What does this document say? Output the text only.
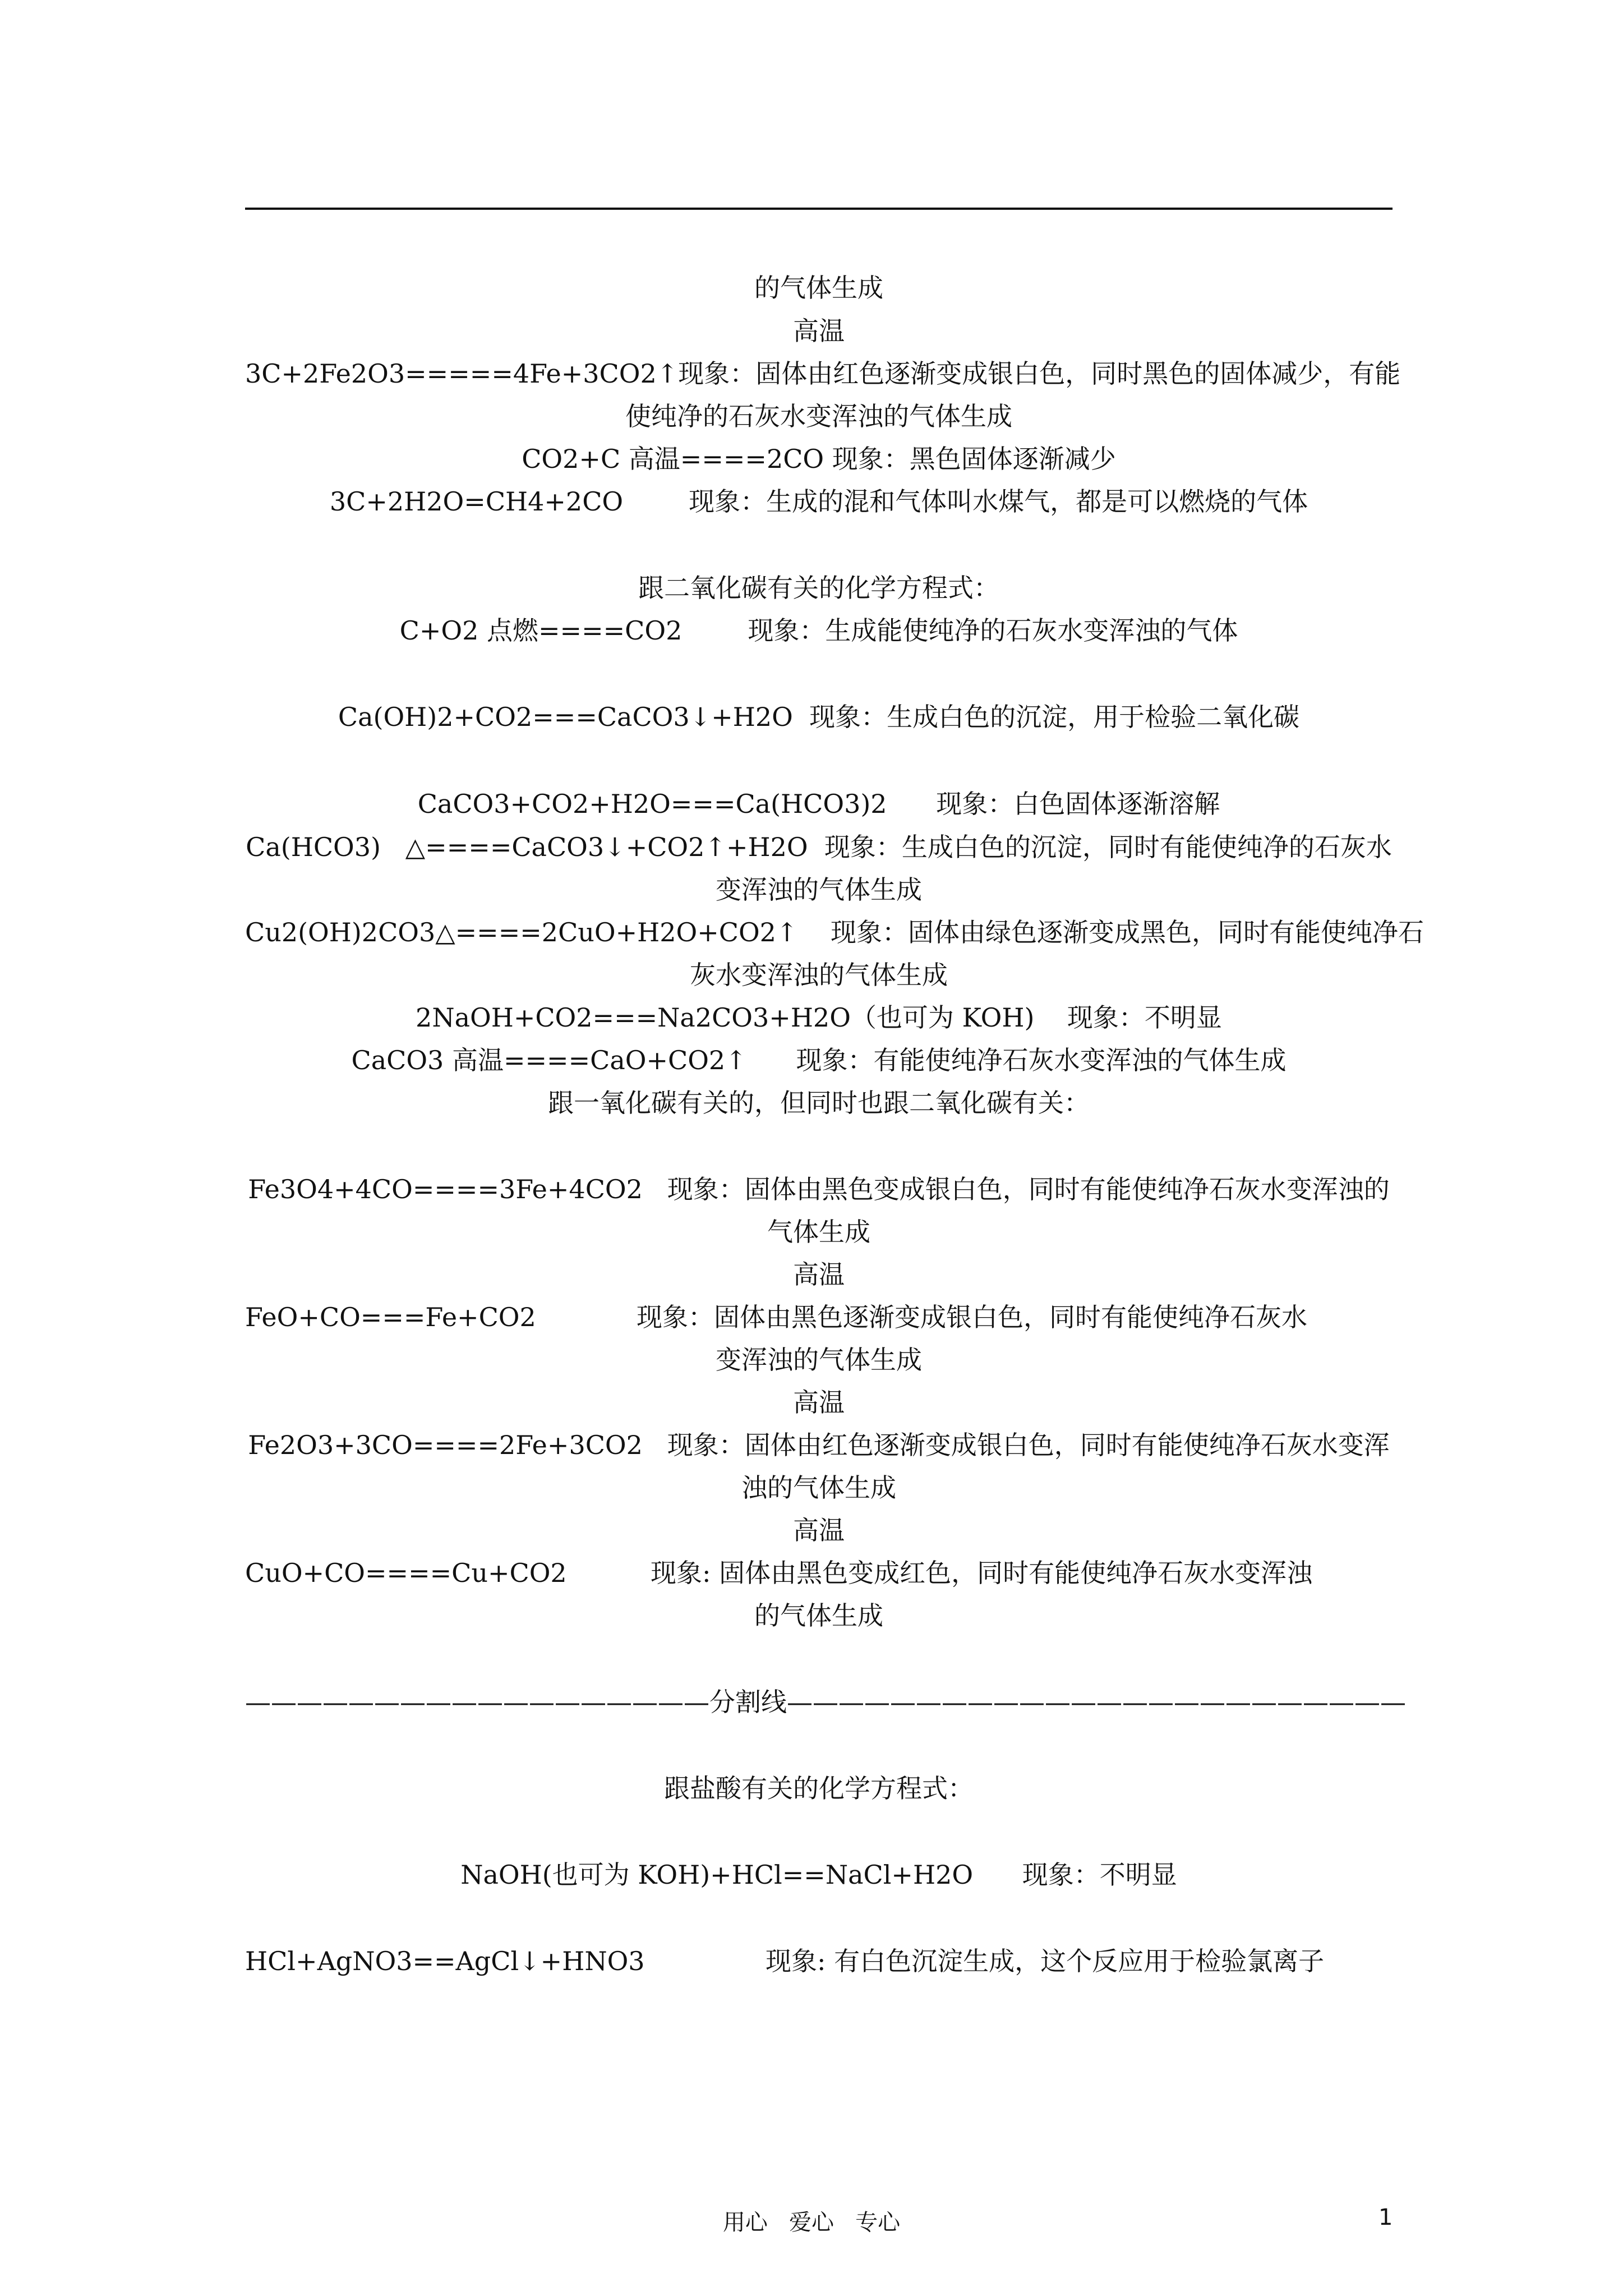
的气体生成
高温
3C+2Fe2O3=====4Fe+3CO2↑现象：固体由红色逐渐变成银白色，同时黑色的固体减少，有能
使纯净的石灰水变浑浊的气体生成
CO2+C 高温====2CO 现象：黑色固体逐渐减少
3C+2H2O=CH4+2CO        现象：生成的混和气体叫水煤气，都是可以燃烧的气体
跟二氧化碳有关的化学方程式：
C+O2 点燃====CO2        现象：生成能使纯净的石灰水变浑浊的气体
Ca(OH)2+CO2===CaCO3↓+H2O  现象：生成白色的沉淀，用于检验二氧化碳
CaCO3+CO2+H2O===Ca(HCO3)2      现象：白色固体逐渐溶解
Ca(HCO3)   △====CaCO3↓+CO2↑+H2O  现象：生成白色的沉淀，同时有能使纯净的石灰水
变浑浊的气体生成
Cu2(OH)2CO3△====2CuO+H2O+CO2↑    现象：固体由绿色逐渐变成黑色，同时有能使纯净石
灰水变浑浊的气体生成
2NaOH+CO2===Na2CO3+H2O（也可为 KOH)    现象：不明显
CaCO3 高温====CaO+CO2↑      现象：有能使纯净石灰水变浑浊的气体生成
跟一氧化碳有关的，但同时也跟二氧化碳有关：
Fe3O4+4CO====3Fe+4CO2   现象：固体由黑色变成银白色，同时有能使纯净石灰水变浑浊的
气体生成
高温
FeO+CO===Fe+CO2	现象：固体由黑色逐渐变成银白色，同时有能使纯净石灰水
变浑浊的气体生成
高温
Fe2O3+3CO====2Fe+3CO2   现象：固体由红色逐渐变成银白色，同时有能使纯净石灰水变浑
浊的气体生成
高温
CuO+CO====Cu+CO2	现象: 固体由黑色变成红色，同时有能使纯净石灰水变浑浊
的气体生成
——————————————————分割线————————————————————————
跟盐酸有关的化学方程式：
NaOH(也可为 KOH)+HCl==NaCl+H2O      现象：不明显
HCl+AgNO3==AgCl↓+HNO3	现象: 有白色沉淀生成，这个反应用于检验氯离子
用心   爱心   专心	1
